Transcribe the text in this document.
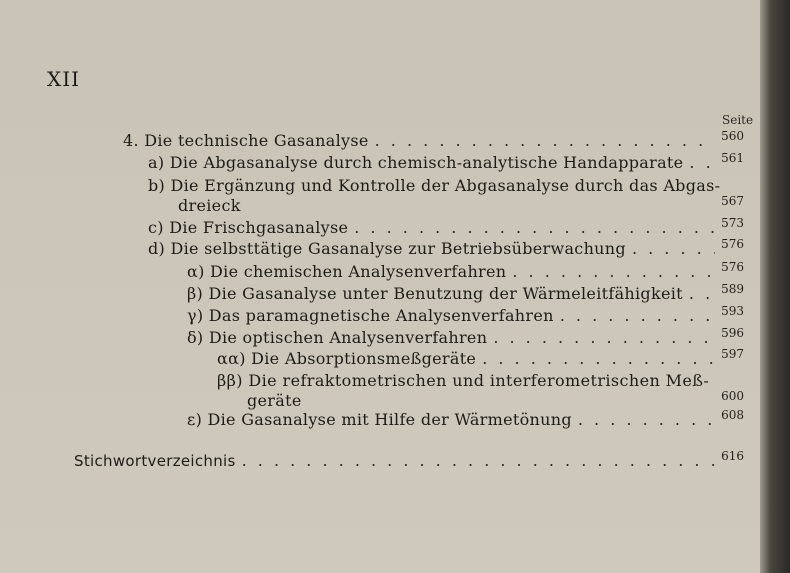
XII
Seite
4. Die technische Gasanalyse . . .	560
a) Die Abgasanalyse durch chemisch-analytische Handapparate . . .	561
b) Die Ergänzung und Kontrolle der Abgasanalyse durch das Abgas-
dreieck	567
c) Die Frischgasanalyse . . .	573
d) Die selbsttätige Gasanalyse zur Betriebsüberwachung . . .	576
α) Die chemischen Analysenverfahren . . .	576
β) Die Gasanalyse unter Benutzung der Wärmeleitfähigkeit . . .	589
γ) Das paramagnetische Analysenverfahren . . .	593
δ) Die optischen Analysenverfahren . . .	596
αα) Die Absorptionsmeßgeräte . . .	597
ββ) Die refraktometrischen und interferometrischen Meß-
geräte	600
ε) Die Gasanalyse mit Hilfe der Wärmetönung . . .	608
Stichwortverzeichnis . . .	616
